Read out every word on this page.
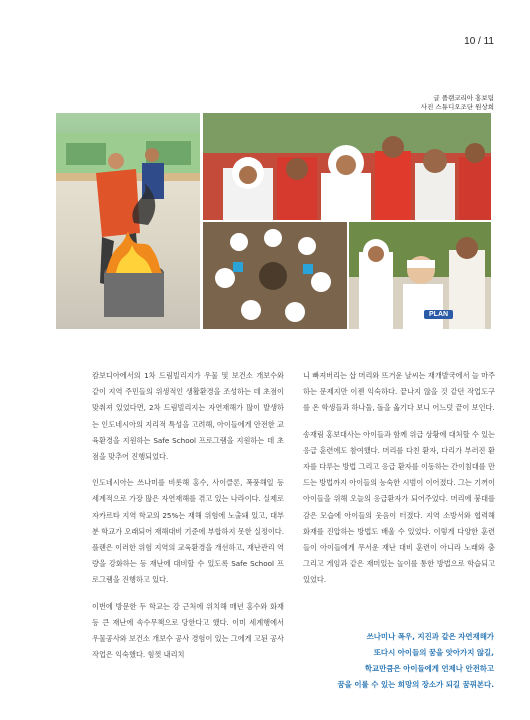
10 / 11
글 플랜코리아 홍보팀
사진 스튜디오조단 원상희
PLAN

캄보디아에서의 1차 드림빌리지가 우물 및 보건소 개보수와 같이 지역 주민들의 위생적인 생활환경을 조성하는 데 초점이 맞춰져 있었다면, 2차 드림빌리지는 자연재해가 많이 발생하는 인도네시아의 지리적 특성을 고려해, 아이들에게 안전한 교육환경을 지원하는 Safe School 프로그램을 지원하는 데 초점을 맞추어 진행되었다.

인도네시아는 쓰나미를 비롯해 홍수, 사이클론, 폭풍해일 등 세계적으로 가장 많은 자연재해를 겪고 있는 나라이다. 실제로 자카르타 지역 학교의 25%는 재해 위험에 노출돼 있고, 대부분 학교가 오래되어 재해대비 기준에 부합하지 못한 실정이다. 플랜은 이러한 위험 지역의 교육환경을 개선하고, 재난관리 역량을 강화하는 등 재난에 대비할 수 있도록 Safe School 프로그램을 진행하고 있다.

이번에 방문한 두 학교는 강 근처에 위치해 매년 홍수와 화재 등 큰 재난에 속수무책으로 당한다고 했다. 이미 세계행에서 우물공사와 보건소 개보수 공사 경험이 있는 그에게 고된 공사 작업은 익숙했다. 힘껏 내리치

니 빠져버리는 삽 머리와 뜨거운 날씨는 재개발국에서 늘 마주하는 문제지만 이젠 익숙하다. 끝나지 않을 것 같던 작업도구를 온 학생들과 하나둘, 돌을 옮기다 보니 어느덧 끝이 보인다.

송재림 홍보대사는 아이들과 함께 위급 상황에 대처할 수 있는 응급 훈련에도 참여했다. 머리를 다친 환자, 다리가 부러진 환자를 다루는 방법 그리고 응급 환자를 이동하는 간이침대를 만드는 방법까지 아이들의 능숙한 시범이 이어졌다. 그는 기꺼이 아이들을 위해 오늘의 응급환자가 되어주었다. 머리에 붕대를 감은 모습에 아이들의 웃음이 터졌다. 지역 소방서와 협력해 화재를 진압하는 방법도 배울 수 있었다. 이렇게 다양한 훈련들이 아이들에게 무서운 재난 대비 훈련이 아니라 노래와 춤 그리고 게임과 같은 재미있는 놀이를 통한 방법으로 학습되고 있었다.

쓰나미나 폭우, 지진과 같은 자연재해가
또다시 아이들의 꿈을 앗아가지 않길,
학교만큼은 아이들에게 언제나 안전하고
꿈을 이룰 수 있는 희망의 장소가 되길 꿈꿔본다.
